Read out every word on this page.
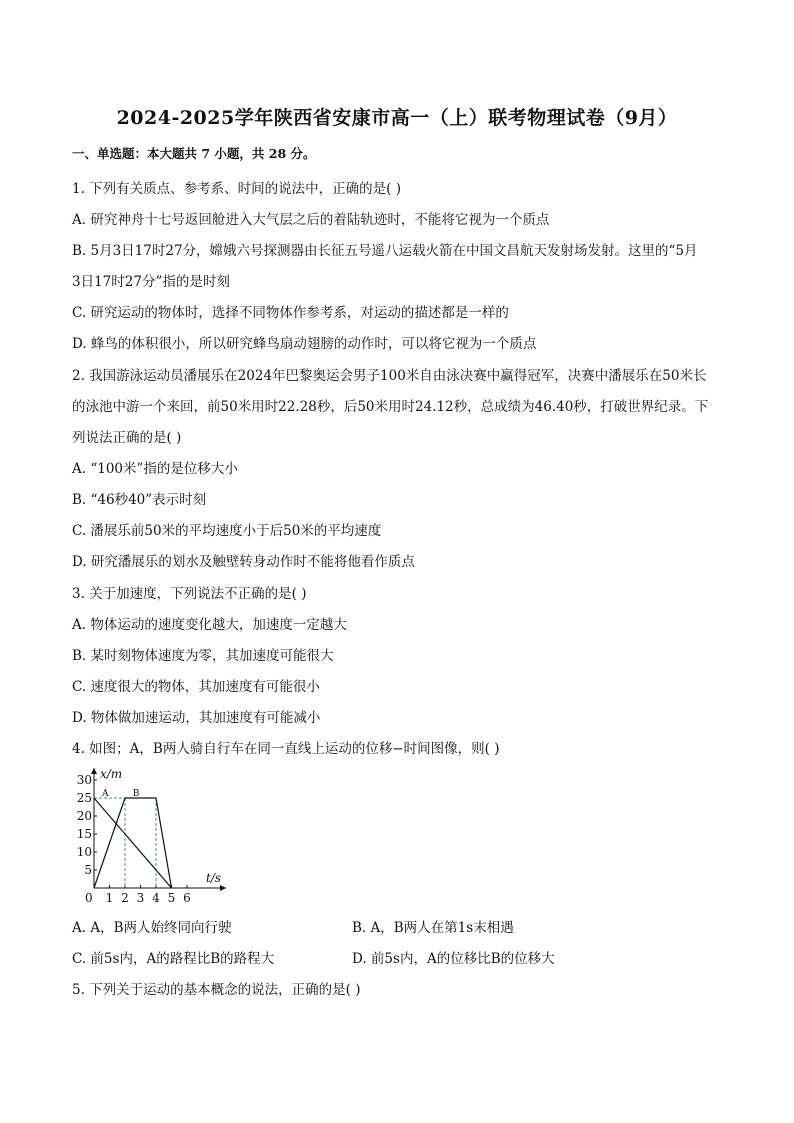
2024-2025学年陕西省安康市高一（上）联考物理试卷（9月）
一、单选题：本大题共 7 小题，共 28 分。
1. 下列有关质点、参考系、时间的说法中，正确的是( )
A. 研究神舟十七号返回舱进入大气层之后的着陆轨迹时，不能将它视为一个质点
B. 5月3日17时27分，嫦娥六号探测器由长征五号遥八运载火箭在中国文昌航天发射场发射。这里的“5月
3日17时27分”指的是时刻
C. 研究运动的物体时，选择不同物体作参考系，对运动的描述都是一样的
D. 蜂鸟的体积很小，所以研究蜂鸟扇动翅膀的动作时，可以将它视为一个质点
2. 我国游泳运动员潘展乐在2024年巴黎奥运会男子100米自由泳决赛中赢得冠军，决赛中潘展乐在50米长
的泳池中游一个来回，前50米用时22.28秒，后50米用时24.12秒，总成绩为46.40秒，打破世界纪录。下
列说法正确的是( )
A. “100米”指的是位移大小
B. “46秒40”表示时刻
C. 潘展乐前50米的平均速度小于后50米的平均速度
D. 研究潘展乐的划水及触壁转身动作时不能将他看作质点
3. 关于加速度，下列说法不正确的是( )
A. 物体运动的速度变化越大，加速度一定越大
B. 某时刻物体速度为零，其加速度可能很大
C. 速度很大的物体，其加速度有可能很小
D. 物体做加速运动，其加速度有可能减小
4. 如图；A，B两人骑自行车在同一直线上运动的位移−时间图像，则( )
x/m
t/s
5
10
15
20
25
30
0 1 2 3 4 5 6
A	B
A. A，B两人始终同向行驶	B. A，B两人在第1s末相遇
C. 前5s内，A的路程比B的路程大	D. 前5s内，A的位移比B的位移大
5. 下列关于运动的基本概念的说法，正确的是( )
